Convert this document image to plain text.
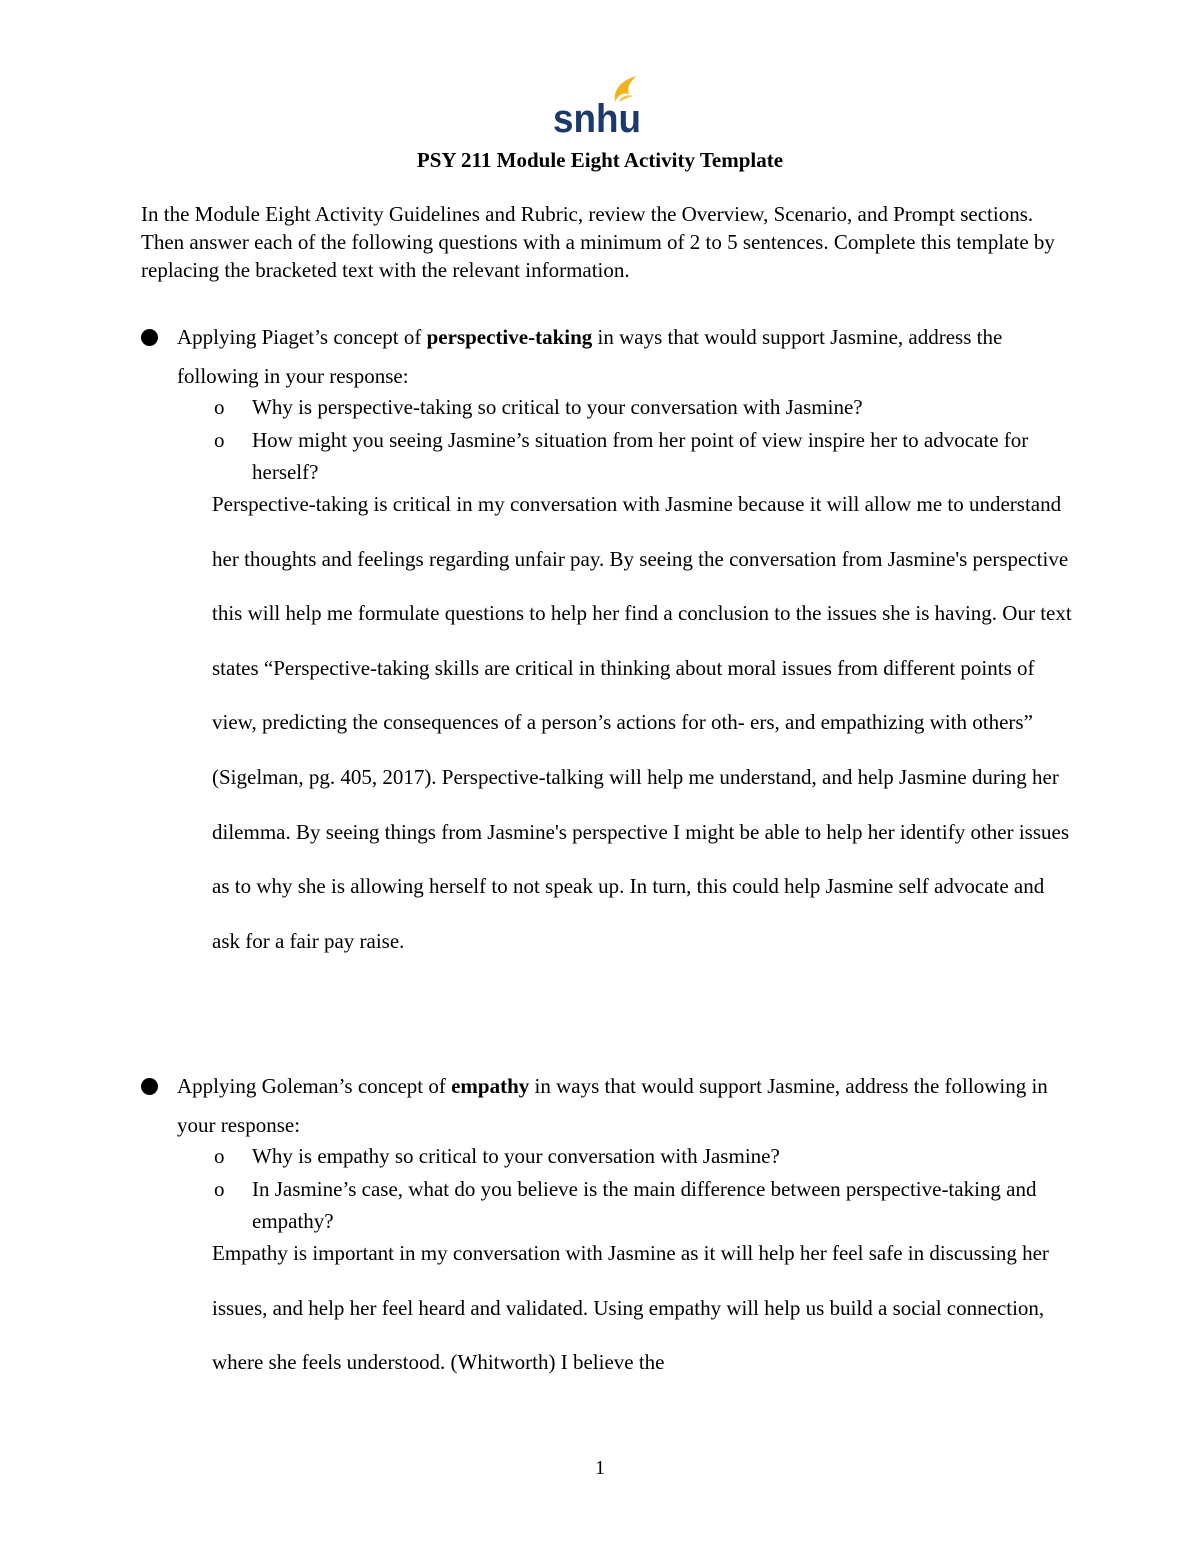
snhu
PSY 211 Module Eight Activity Template
In the Module Eight Activity Guidelines and Rubric, review the Overview, Scenario, and Prompt sections. Then answer each of the following questions with a minimum of 2 to 5 sentences. Complete this template by replacing the bracketed text with the relevant information.
Applying Piaget’s concept of perspective-taking in ways that would support Jasmine, address the following in your response:
o Why is perspective-taking so critical to your conversation with Jasmine?
o How might you seeing Jasmine’s situation from her point of view inspire her to advocate for herself?
Perspective-taking is critical in my conversation with Jasmine because it will allow me to understand her thoughts and feelings regarding unfair pay. By seeing the conversation from Jasmine's perspective this will help me formulate questions to help her find a conclusion to the issues she is having. Our text states “Perspective-taking skills are critical in thinking about moral issues from different points of view, predicting the consequences of a person’s actions for oth- ers, and empathizing with others” (Sigelman, pg. 405, 2017). Perspective-talking will help me understand, and help Jasmine during her dilemma. By seeing things from Jasmine's perspective I might be able to help her identify other issues as to why she is allowing herself to not speak up. In turn, this could help Jasmine self advocate and ask for a fair pay raise.
Applying Goleman’s concept of empathy in ways that would support Jasmine, address the following in your response:
o Why is empathy so critical to your conversation with Jasmine?
o In Jasmine’s case, what do you believe is the main difference between perspective-taking and empathy?
Empathy is important in my conversation with Jasmine as it will help her feel safe in discussing her issues, and help her feel heard and validated. Using empathy will help us build a social connection, where she feels understood. (Whitworth) I believe the
1
